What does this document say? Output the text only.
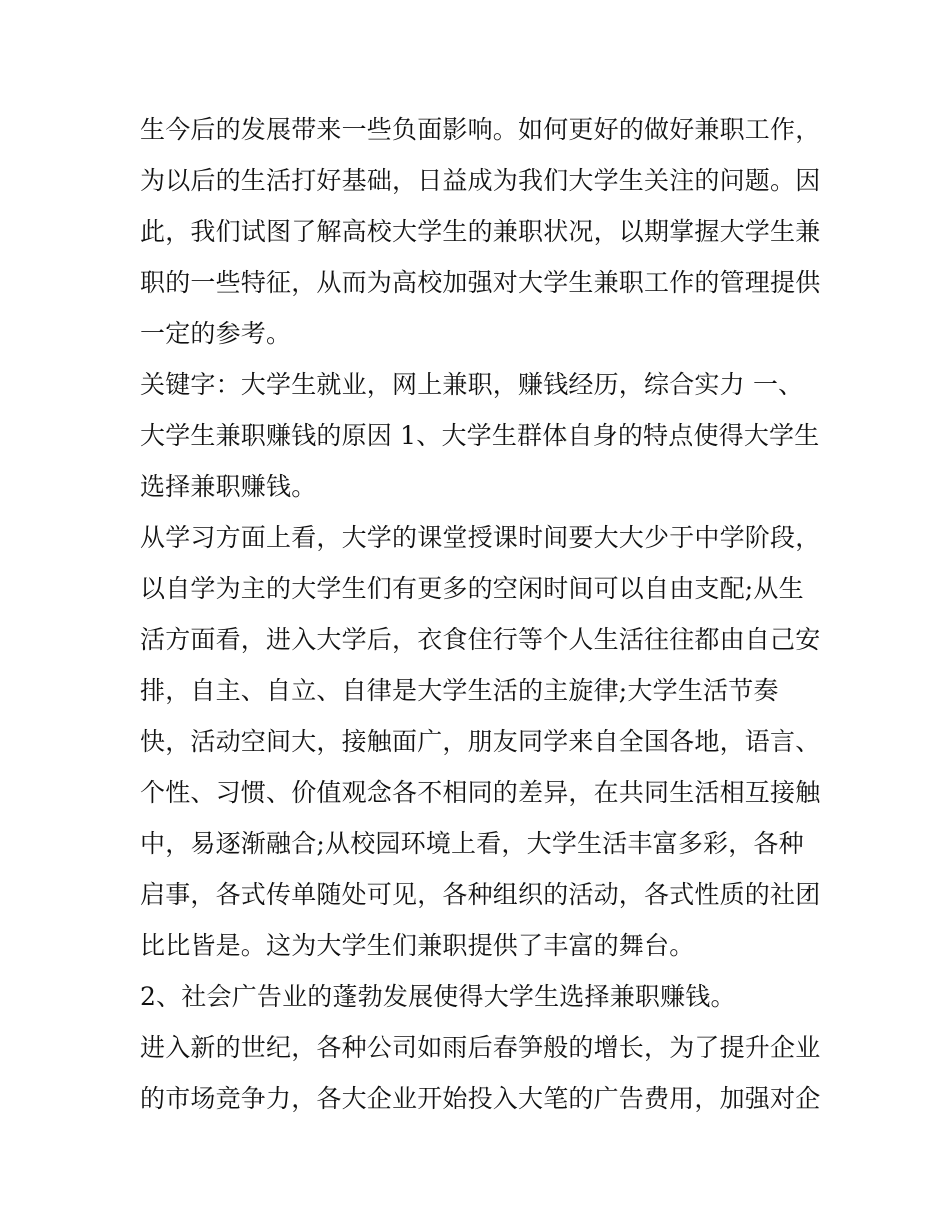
生今后的发展带来一些负面影响。如何更好的做好兼职工作，
为以后的生活打好基础，日益成为我们大学生关注的问题。因
此，我们试图了解高校大学生的兼职状况，以期掌握大学生兼
职的一些特征，从而为高校加强对大学生兼职工作的管理提供
一定的参考。
关键字：大学生就业，网上兼职，赚钱经历，综合实力 一、
大学生兼职赚钱的原因 1、大学生群体自身的特点使得大学生
选择兼职赚钱。
从学习方面上看，大学的课堂授课时间要大大少于中学阶段，
以自学为主的大学生们有更多的空闲时间可以自由支配;从生
活方面看，进入大学后，衣食住行等个人生活往往都由自己安
排，自主、自立、自律是大学生活的主旋律;大学生活节奏
快，活动空间大，接触面广，朋友同学来自全国各地，语言、
个性、习惯、价值观念各不相同的差异，在共同生活相互接触
中，易逐渐融合;从校园环境上看，大学生活丰富多彩，各种
启事，各式传单随处可见，各种组织的活动，各式性质的社团
比比皆是。这为大学生们兼职提供了丰富的舞台。
2、社会广告业的蓬勃发展使得大学生选择兼职赚钱。
进入新的世纪，各种公司如雨后春笋般的增长，为了提升企业
的市场竞争力，各大企业开始投入大笔的广告费用，加强对企
